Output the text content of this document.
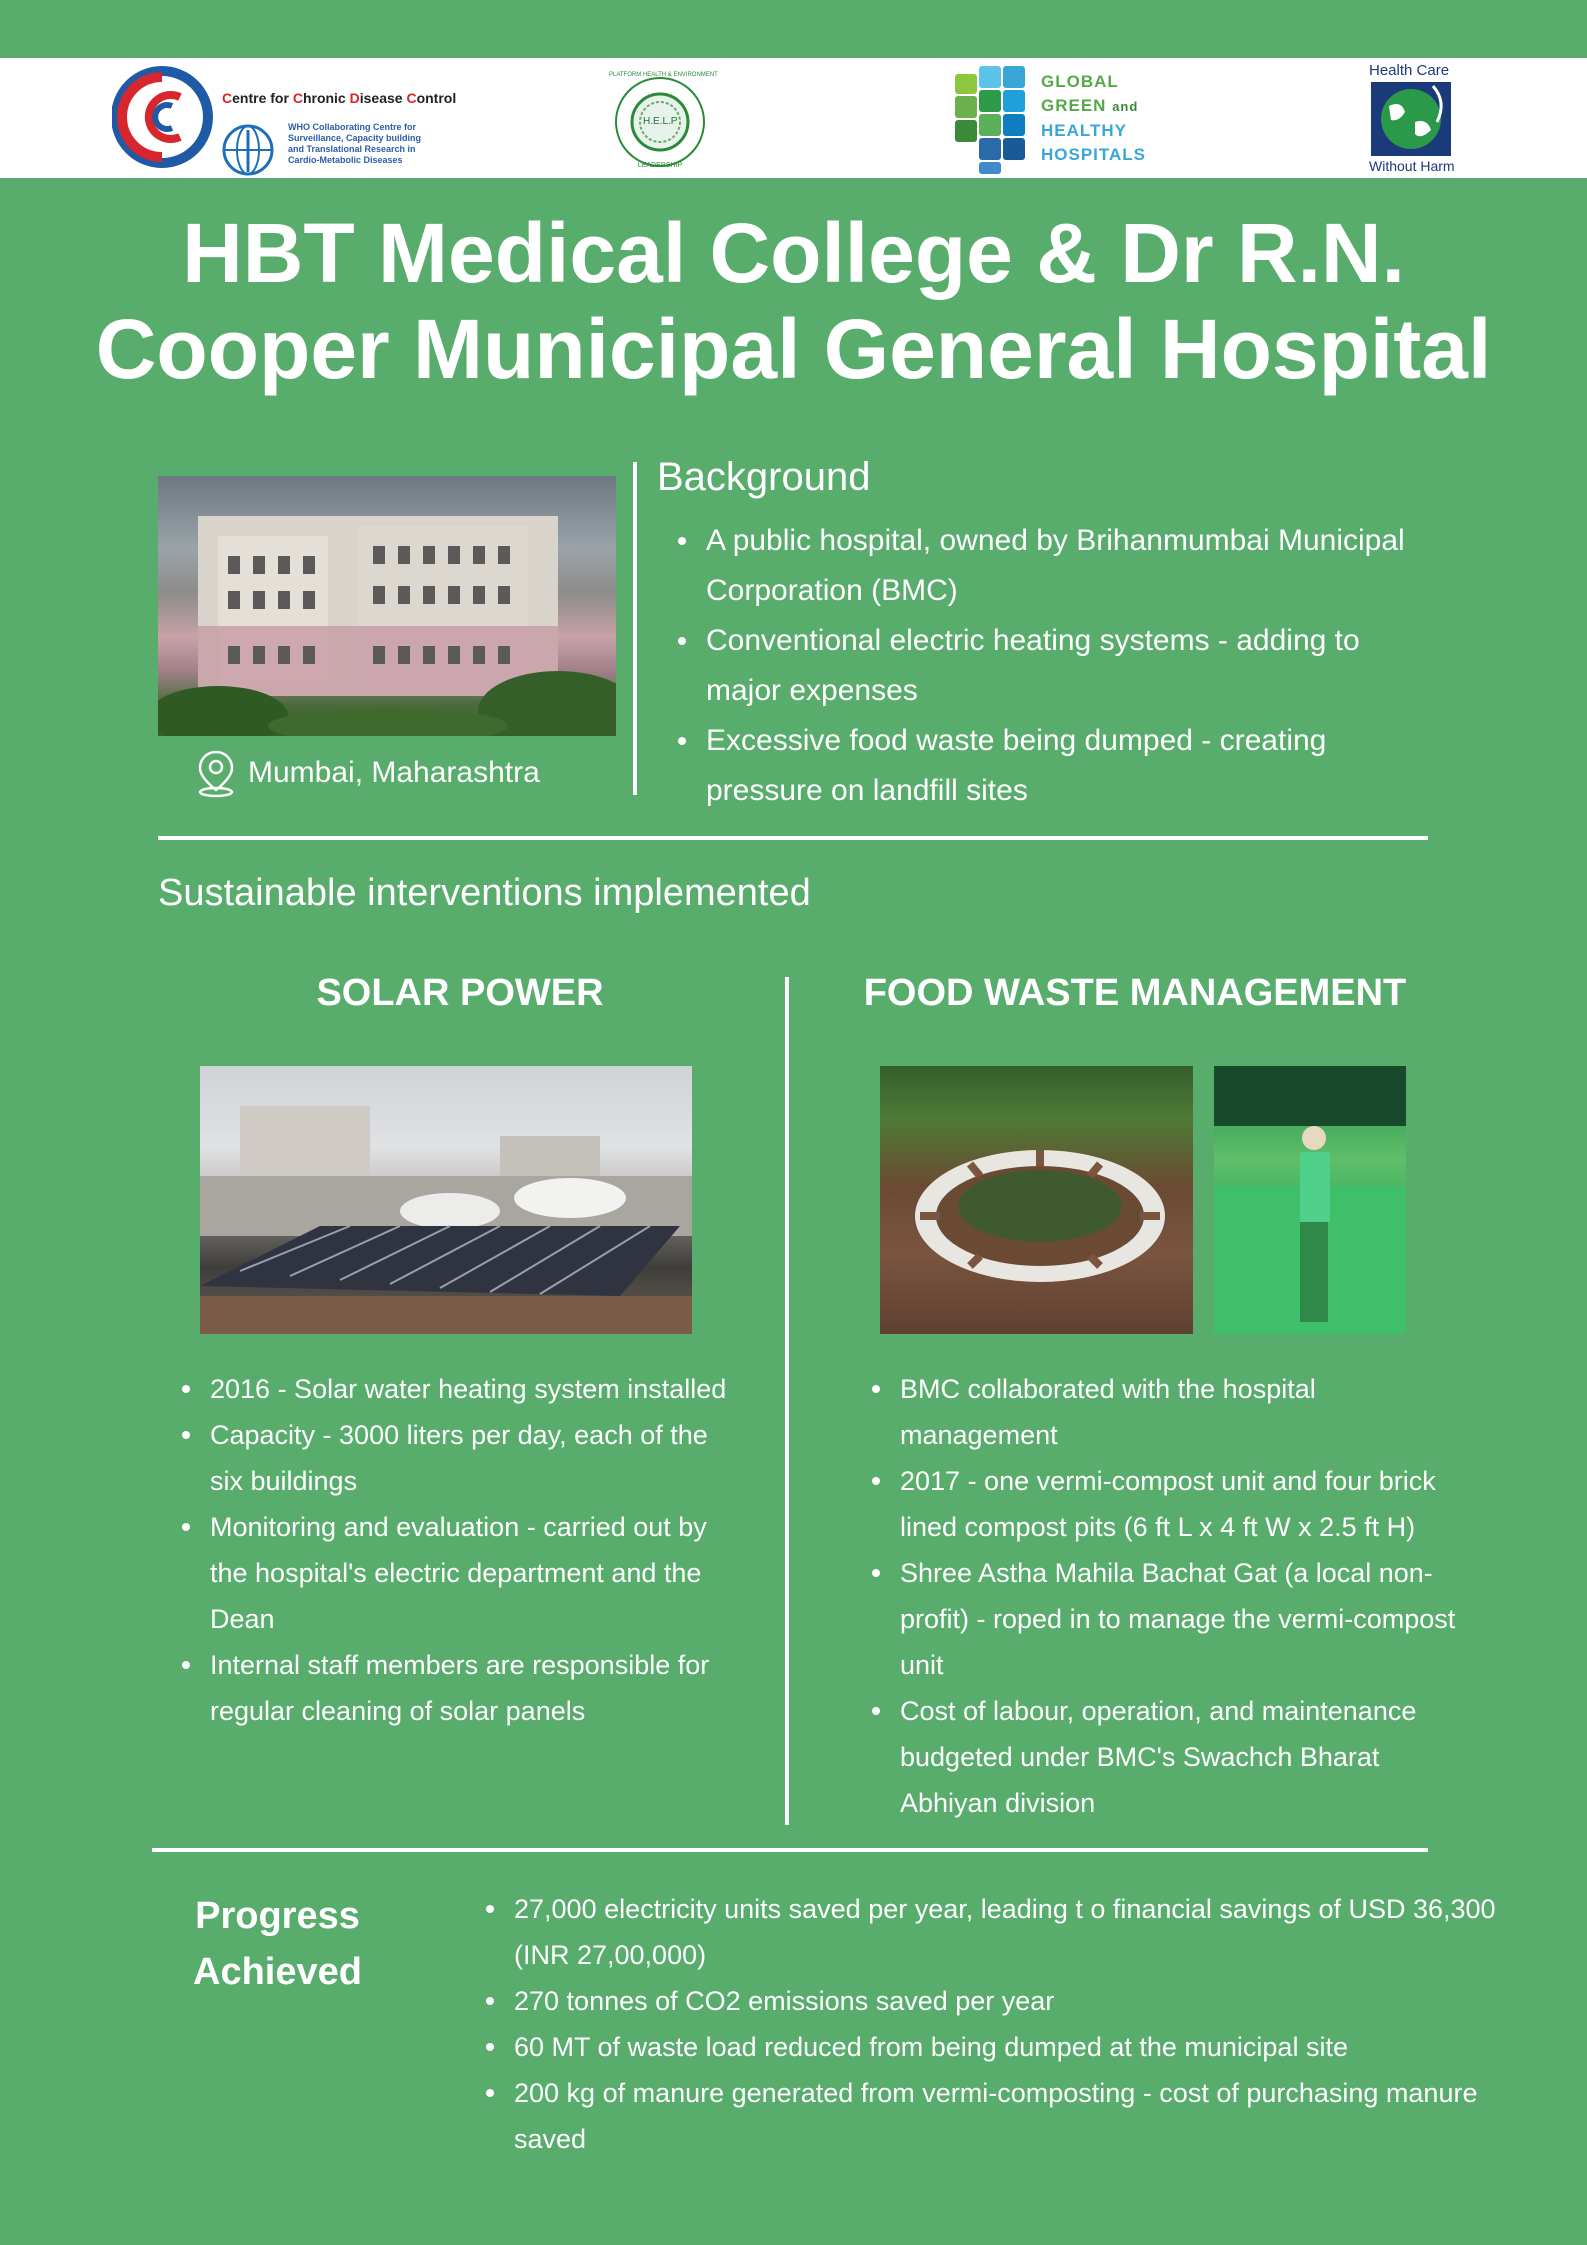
Centre for Chronic Disease Control
WHO Collaborating Centre for
Surveillance, Capacity building
and Translational Research in
Cardio-Metabolic Diseases
H.E.L.P
PLATFORM HEALTH & ENVIRONMENT
LEADERSHIP
GLOBAL
GREEN and
HEALTHY
HOSPITALS
Health Care
Without Harm
HBT Medical College & Dr R.N.
Cooper Municipal General Hospital
Mumbai, Maharashtra
Background
A public hospital, owned by Brihanmumbai Municipal Corporation (BMC)
Conventional electric heating systems - adding to major expenses
Excessive food waste being dumped - creating pressure on landfill sites
Sustainable interventions implemented
SOLAR POWER
2016 - Solar water heating system installed
Capacity - 3000 liters per day, each of the six buildings
Monitoring and evaluation - carried out by the hospital's electric department and the Dean
Internal staff members are responsible for regular cleaning of solar panels
FOOD WASTE MANAGEMENT
BMC collaborated with the hospital management
2017 - one vermi-compost unit and four brick lined compost pits (6 ft L x 4 ft W x 2.5 ft H)
Shree Astha Mahila Bachat Gat (a local non-profit) - roped in to manage the vermi-compost unit
Cost of labour, operation, and maintenance budgeted under BMC's Swachch Bharat Abhiyan division
Progress
Achieved
27,000 electricity units saved per year, leading t o financial savings of USD 36,300 (INR 27,00,000)
270 tonnes of CO2 emissions saved per year
60 MT of waste load reduced from being dumped at the municipal site
200 kg of manure generated from vermi-composting - cost of purchasing manure saved
